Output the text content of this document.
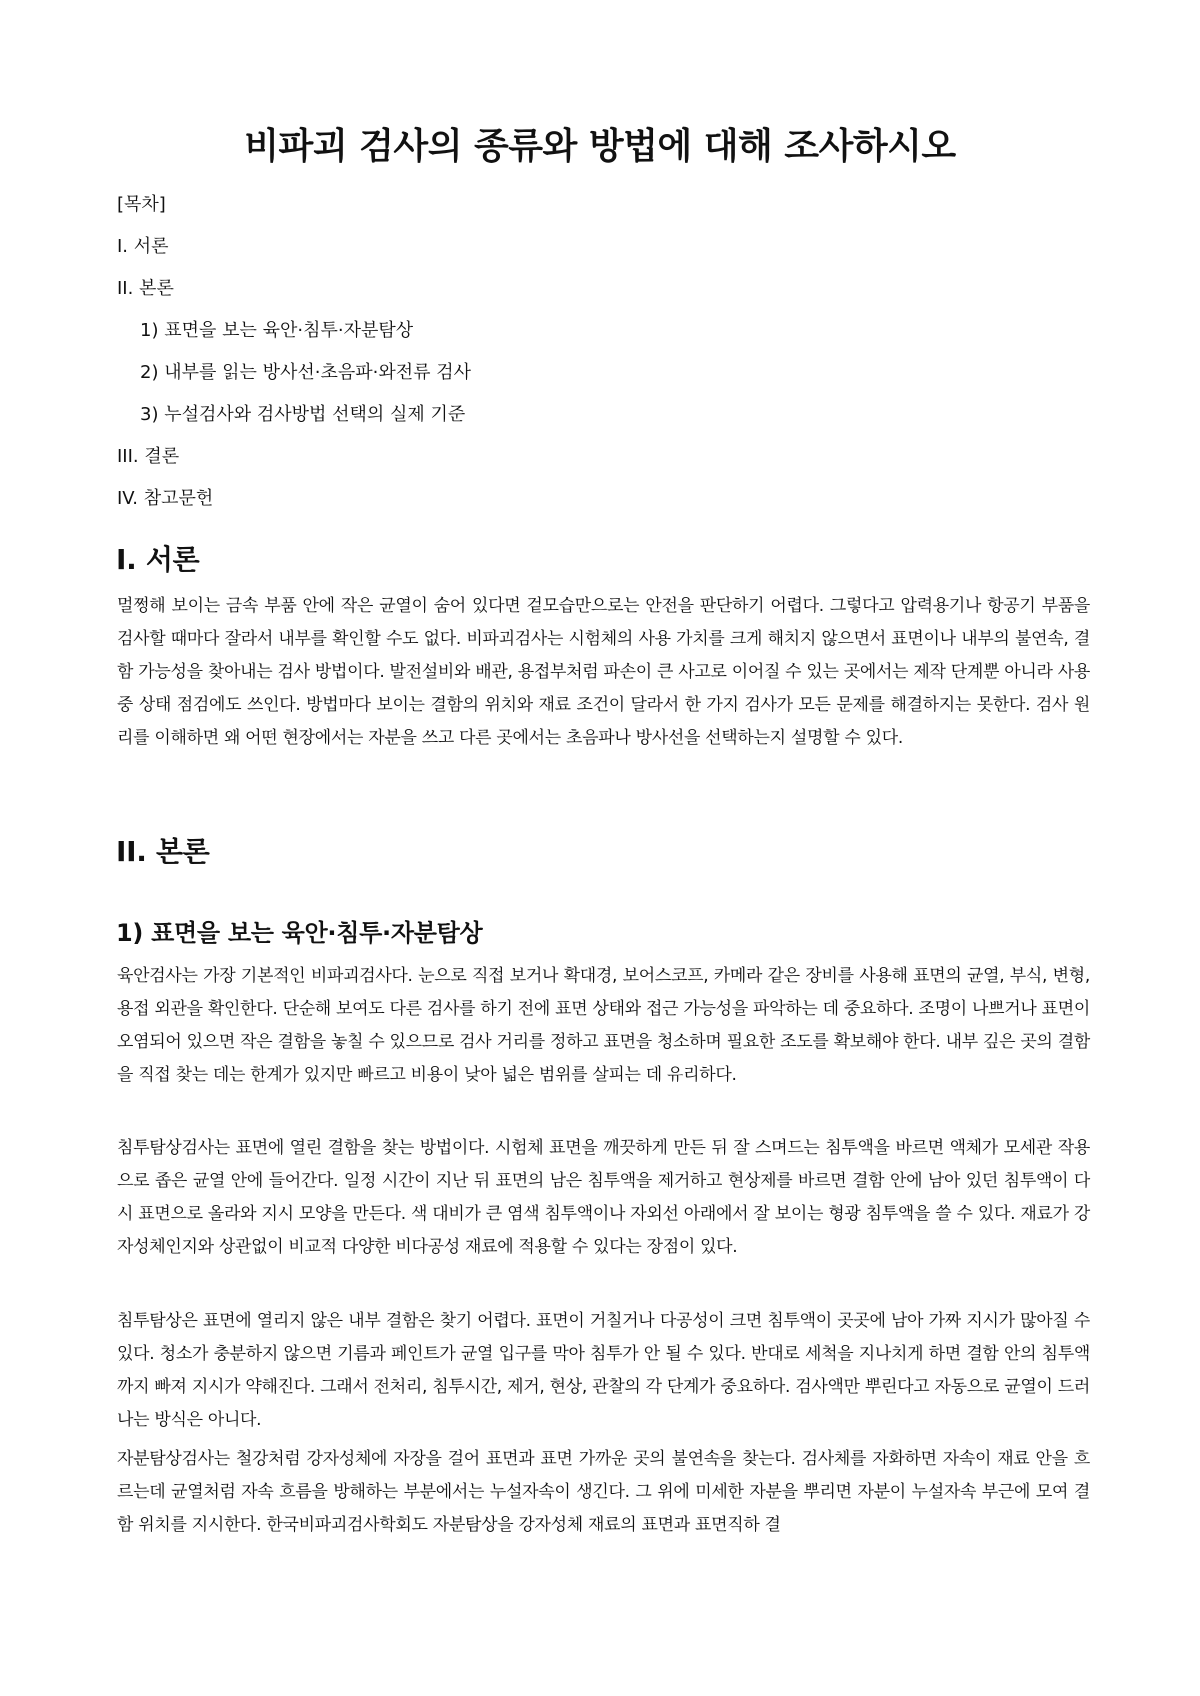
비파괴 검사의 종류와 방법에 대해 조사하시오
[목차]
I. 서론
II. 본론
1) 표면을 보는 육안·침투·자분탐상
2) 내부를 읽는 방사선·초음파·와전류 검사
3) 누설검사와 검사방법 선택의 실제 기준
III. 결론
IV. 참고문헌
I. 서론

멀쩡해 보이는 금속 부품 안에 작은 균열이 숨어 있다면 겉모습만으로는 안전을 판단하기 어렵다. 그렇다고 압력용기나 항공기 부품을 검사할 때마다 잘라서 내부를 확인할 수도 없다. 비파괴검사는 시험체의 사용 가치를 크게 해치지 않으면서 표면이나 내부의 불연속, 결함 가능성을 찾아내는 검사 방법이다. 발전설비와 배관, 용접부처럼 파손이 큰 사고로 이어질 수 있는 곳에서는 제작 단계뿐 아니라 사용 중 상태 점검에도 쓰인다. 방법마다 보이는 결함의 위치와 재료 조건이 달라서 한 가지 검사가 모든 문제를 해결하지는 못한다. 검사 원리를 이해하면 왜 어떤 현장에서는 자분을 쓰고 다른 곳에서는 초음파나 방사선을 선택하는지 설명할 수 있다.

II. 본론
1) 표면을 보는 육안·침투·자분탐상

육안검사는 가장 기본적인 비파괴검사다. 눈으로 직접 보거나 확대경, 보어스코프, 카메라 같은 장비를 사용해 표면의 균열, 부식, 변형, 용접 외관을 확인한다. 단순해 보여도 다른 검사를 하기 전에 표면 상태와 접근 가능성을 파악하는 데 중요하다. 조명이 나쁘거나 표면이 오염되어 있으면 작은 결함을 놓칠 수 있으므로 검사 거리를 정하고 표면을 청소하며 필요한 조도를 확보해야 한다. 내부 깊은 곳의 결함을 직접 찾는 데는 한계가 있지만 빠르고 비용이 낮아 넓은 범위를 살피는 데 유리하다.

침투탐상검사는 표면에 열린 결함을 찾는 방법이다. 시험체 표면을 깨끗하게 만든 뒤 잘 스며드는 침투액을 바르면 액체가 모세관 작용으로 좁은 균열 안에 들어간다. 일정 시간이 지난 뒤 표면의 남은 침투액을 제거하고 현상제를 바르면 결함 안에 남아 있던 침투액이 다시 표면으로 올라와 지시 모양을 만든다. 색 대비가 큰 염색 침투액이나 자외선 아래에서 잘 보이는 형광 침투액을 쓸 수 있다. 재료가 강자성체인지와 상관없이 비교적 다양한 비다공성 재료에 적용할 수 있다는 장점이 있다.

침투탐상은 표면에 열리지 않은 내부 결함은 찾기 어렵다. 표면이 거칠거나 다공성이 크면 침투액이 곳곳에 남아 가짜 지시가 많아질 수 있다. 청소가 충분하지 않으면 기름과 페인트가 균열 입구를 막아 침투가 안 될 수 있다. 반대로 세척을 지나치게 하면 결함 안의 침투액까지 빠져 지시가 약해진다. 그래서 전처리, 침투시간, 제거, 현상, 관찰의 각 단계가 중요하다. 검사액만 뿌린다고 자동으로 균열이 드러나는 방식은 아니다.

자분탐상검사는 철강처럼 강자성체에 자장을 걸어 표면과 표면 가까운 곳의 불연속을 찾는다. 검사체를 자화하면 자속이 재료 안을 흐르는데 균열처럼 자속 흐름을 방해하는 부분에서는 누설자속이 생긴다. 그 위에 미세한 자분을 뿌리면 자분이 누설자속 부근에 모여 결함 위치를 지시한다. 한국비파괴검사학회도 자분탐상을 강자성체 재료의 표면과 표면직하 결
